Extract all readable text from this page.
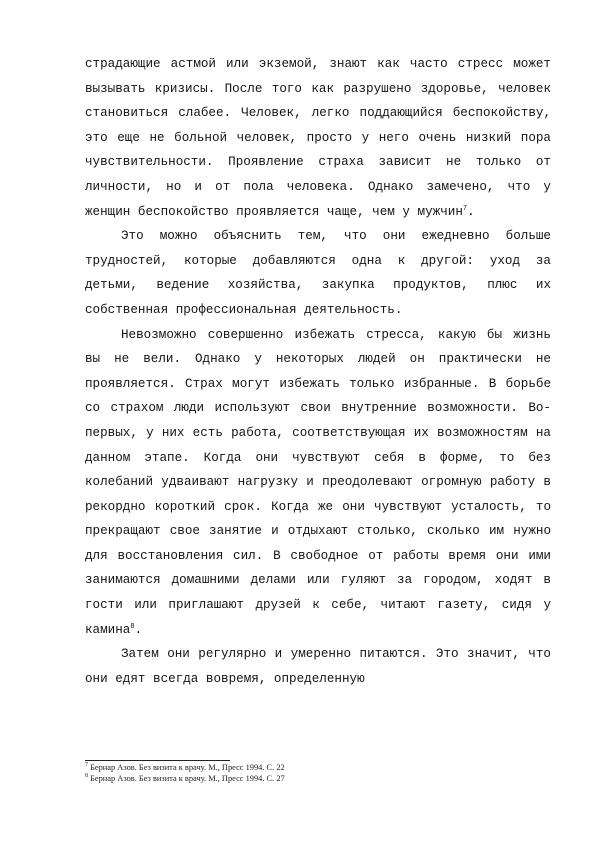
страдающие астмой или экземой, знают как часто стресс может вызывать кризисы. После того как разрушено здоровье, человек становиться слабее. Человек, легко поддающийся беспокойству, это еще не больной человек, просто у него очень низкий пора чувствительности. Проявление страха зависит не только от личности, но и от пола человека. Однако замечено, что у женщин беспокойство проявляется чаще, чем у мужчин$^7$.

Это можно объяснить тем, что они ежедневно больше трудностей, которые добавляются одна к другой: уход за детьми, ведение хозяйства, закупка продуктов, плюс их собственная профессиональная деятельность.

Невозможно совершенно избежать стресса, какую бы жизнь вы не вели. Однако у некоторых людей он практически не проявляется. Страх могут избежать только избранные. В борьбе со страхом люди используют свои внутренние возможности. Во-первых, у них есть работа, соответствующая их возможностям на данном этапе. Когда они чувствуют себя в форме, то без колебаний удваивают нагрузку и преодолевают огромную работу в рекордно короткий срок. Когда же они чувствуют усталость, то прекращают свое занятие и отдыхают столько, сколько им нужно для восстановления сил. В свободное от работы время они ими занимаются домашними делами или гуляют за городом, ходят в гости или приглашают друзей к себе, читают газету, сидя у камина$^8$.

Затем они регулярно и умеренно питаются. Это значит, что они едят всегда вовремя, определенную

$^7$ Бернар Азов. Без визита к врачу. М., Пресс 1994. С. 22
$^8$ Бернар Азов. Без визита к врачу. М., Пресс 1994. С. 27
